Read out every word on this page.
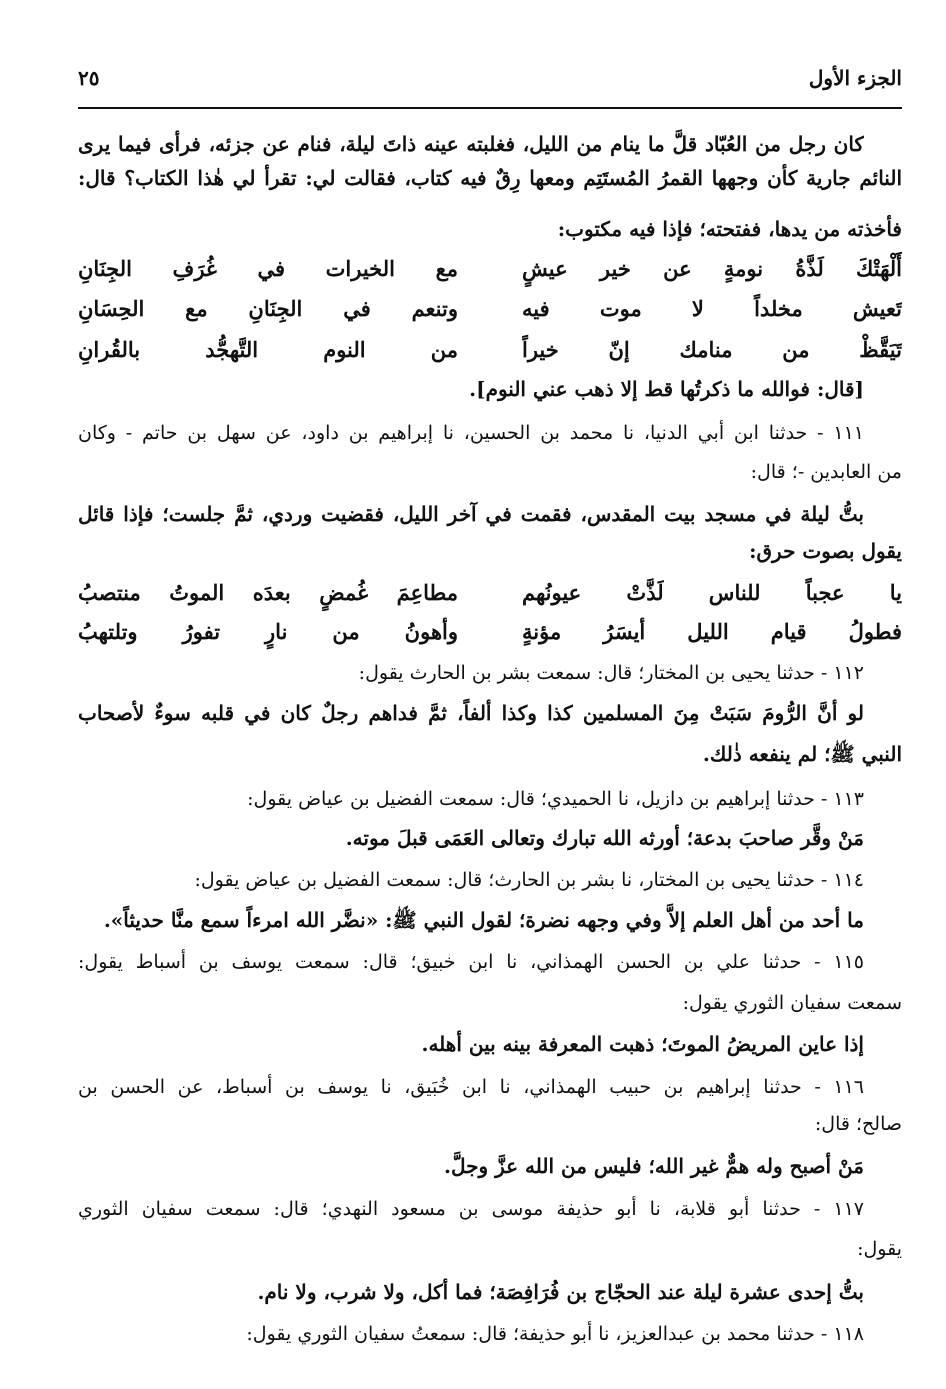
الجزء الأول
٢٥
كان رجل من العُبّاد قلَّ ما ينام من الليل، فغلبته عينه ذاتَ ليلة، فنام عن جزئه، فرأى فيما يرى
النائم جارية كأن وجهها القمرُ المُستَتِم ومعها رِقٌ فيه كتاب، فقالت لي: تقرأ لي هٰذا الكتاب؟ قال:
فأخذته من يدها، ففتحته؛ فإذا فيه مكتوب:
أَلْهَتْكَ لَذَّةُ نومةٍ عن خير عيشٍ
مع الخيرات في غُرَفِ الجِنَانِ
تَعيش مخلداً لا موت فيه
وتنعم في الجِنَانِ مع الحِسَانِ
تَيَقَّظْ من منامك إنّ خيراً
من النوم التَّهجُّد بالقُرانِ
[قال: فوالله ما ذكرتُها قط إلا ذهب عني النوم].
١١١ - حدثنا ابن أبي الدنيا، نا محمد بن الحسين، نا إبراهيم بن داود، عن سهل بن حاتم - وكان
من العابدين -؛ قال:
بتُّ ليلة في مسجد بيت المقدس، فقمت في آخر الليل، فقضيت وردي، ثمَّ جلست؛ فإذا قائل
يقول بصوت حرق:
يا عجباً للناس لَذَّتْ عيونُهم
مطاعِمَ غُمضٍ بعدَه الموتُ منتصبُ
فطولُ قيام الليل أيسَرُ مؤنةٍ
وأهونُ من نارٍ تفورُ وتلتهبُ
١١٢ - حدثنا يحيى بن المختار؛ قال: سمعت بشر بن الحارث يقول:
لو أنَّ الرُّومَ سَبَتْ مِنَ المسلمين كذا وكذا ألفاً، ثمَّ فداهم رجلٌ كان في قلبه سوءٌ لأصحاب
النبي ﷺ؛ لم ينفعه ذٰلك.
١١٣ - حدثنا إبراهيم بن دازيل، نا الحميدي؛ قال: سمعت الفضيل بن عياض يقول:
مَنْ وقَّر صاحبَ بدعة؛ أورثه الله تبارك وتعالى العَمَى قبلَ موته.
١١٤ - حدثنا يحيى بن المختار، نا بشر بن الحارث؛ قال: سمعت الفضيل بن عياض يقول:
ما أحد من أهل العلم إلاَّ وفي وجهه نضرة؛ لقول النبي ﷺ: «نضَّر الله امرءاً سمع منَّا حديثاً».
١١٥ - حدثنا علي بن الحسن الهمذاني، نا ابن خبيق؛ قال: سمعت يوسف بن أسباط يقول:
سمعت سفيان الثوري يقول:
إذا عاين المريضُ الموتَ؛ ذهبت المعرفة بينه بين أهله.
١١٦ - حدثنا إبراهيم بن حبيب الهمذاني، نا ابن خُبَيق، نا يوسف بن أسباط، عن الحسن بن
صالح؛ قال:
مَنْ أصبح وله همٌّ غير الله؛ فليس من الله عزَّ وجلَّ.
١١٧ - حدثنا أبو قلابة، نا أبو حذيفة موسى بن مسعود النهدي؛ قال: سمعت سفيان الثوري
يقول:
بتُّ إحدى عشرة ليلة عند الحجّاج بن فُرَافِصَة؛ فما أكل، ولا شرب، ولا نام.
١١٨ - حدثنا محمد بن عبدالعزيز، نا أبو حذيفة؛ قال: سمعتُ سفيان الثوري يقول:
